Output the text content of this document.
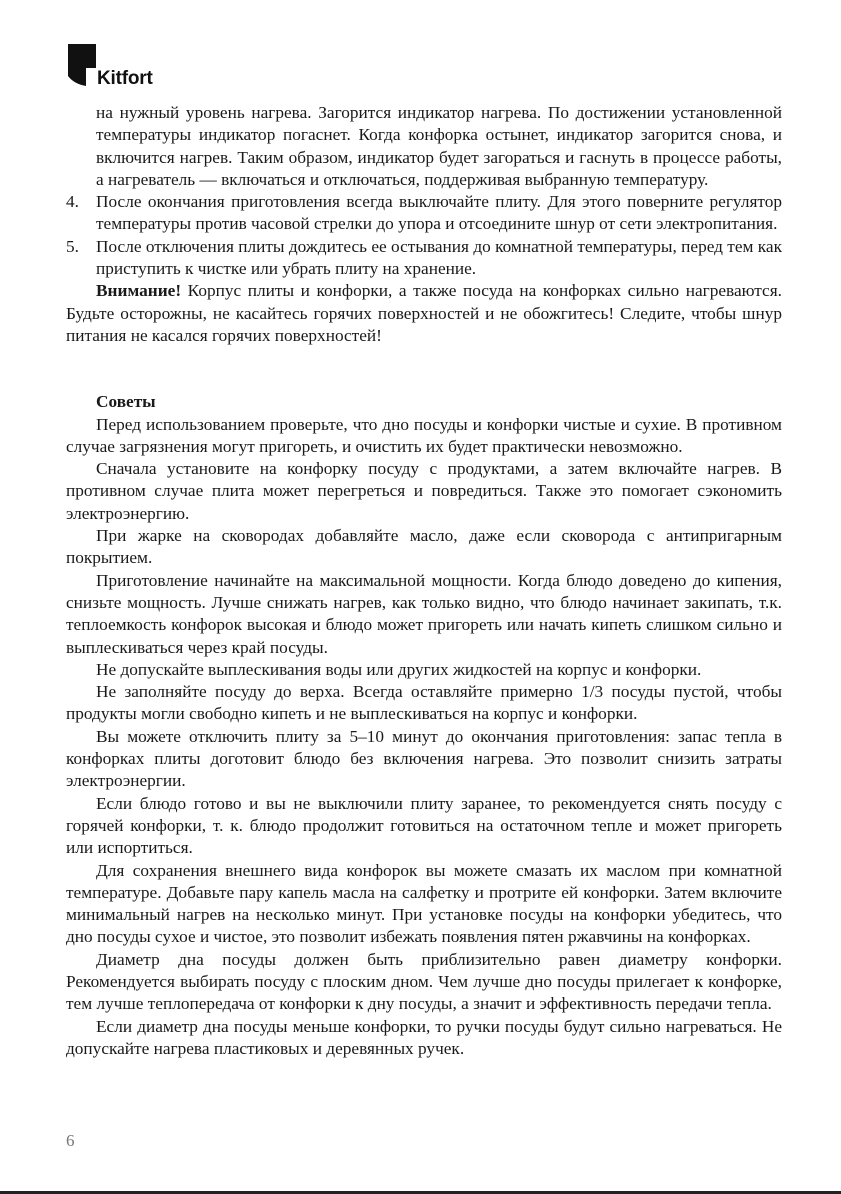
Kitfort

на нужный уровень нагрева. Загорится индикатор нагрева. По достижении установленной температуры индикатор погаснет. Когда конфорка остынет, индикатор загорится снова, и включится нагрев. Таким образом, индикатор будет загораться и гаснуть в процессе работы, а нагреватель — включаться и отключаться, поддерживая выбранную температуру.

4. После окончания приготовления всегда выключайте плиту. Для этого поверните регулятор температуры против часовой стрелки до упора и отсоедините шнур от сети электропитания.

5. После отключения плиты дождитесь ее остывания до комнатной температуры, перед тем как приступить к чистке или убрать плиту на хранение.

Внимание! Корпус плиты и конфорки, а также посуда на конфорках сильно нагреваются. Будьте осторожны, не касайтесь горячих поверхностей и не обожгитесь! Следите, чтобы шнур питания не касался горячих поверхностей!

Советы

Перед использованием проверьте, что дно посуды и конфорки чистые и сухие. В противном случае загрязнения могут пригореть, и очистить их будет практически невозможно.

Сначала установите на конфорку посуду с продуктами, а затем включайте нагрев. В противном случае плита может перегреться и повредиться. Также это помогает сэкономить электроэнергию.

При жарке на сковородах добавляйте масло, даже если сковорода с антипригарным покрытием.

Приготовление начинайте на максимальной мощности. Когда блюдо доведено до кипения, снизьте мощность. Лучше снижать нагрев, как только видно, что блюдо начинает закипать, т.к. теплоемкость конфорок высокая и блюдо может пригореть или начать кипеть слишком сильно и выплескиваться через край посуды.

Не допускайте выплескивания воды или других жидкостей на корпус и конфорки.

Не заполняйте посуду до верха. Всегда оставляйте примерно 1/3 посуды пустой, чтобы продукты могли свободно кипеть и не выплескиваться на корпус и конфорки.

Вы можете отключить плиту за 5–10 минут до окончания приготовления: запас тепла в конфорках плиты доготовит блюдо без включения нагрева. Это позволит снизить затраты электроэнергии.

Если блюдо готово и вы не выключили плиту заранее, то рекомендуется снять посуду с горячей конфорки, т. к. блюдо продолжит готовиться на остаточном тепле и может пригореть или испортиться.

Для сохранения внешнего вида конфорок вы можете смазать их маслом при комнатной температуре. Добавьте пару капель масла на салфетку и протрите ей конфорки. Затем включите минимальный нагрев на несколько минут. При установке посуды на конфорки убедитесь, что дно посуды сухое и чистое, это позволит избежать появления пятен ржавчины на конфорках.

Диаметр дна посуды должен быть приблизительно равен диаметру конфорки. Рекомендуется выбирать посуду с плоским дном. Чем лучше дно посуды прилегает к конфорке, тем лучше теплопередача от конфорки к дну посуды, а значит и эффективность передачи тепла.

Если диаметр дна посуды меньше конфорки, то ручки посуды будут сильно нагреваться. Не допускайте нагрева пластиковых и деревянных ручек.

6
